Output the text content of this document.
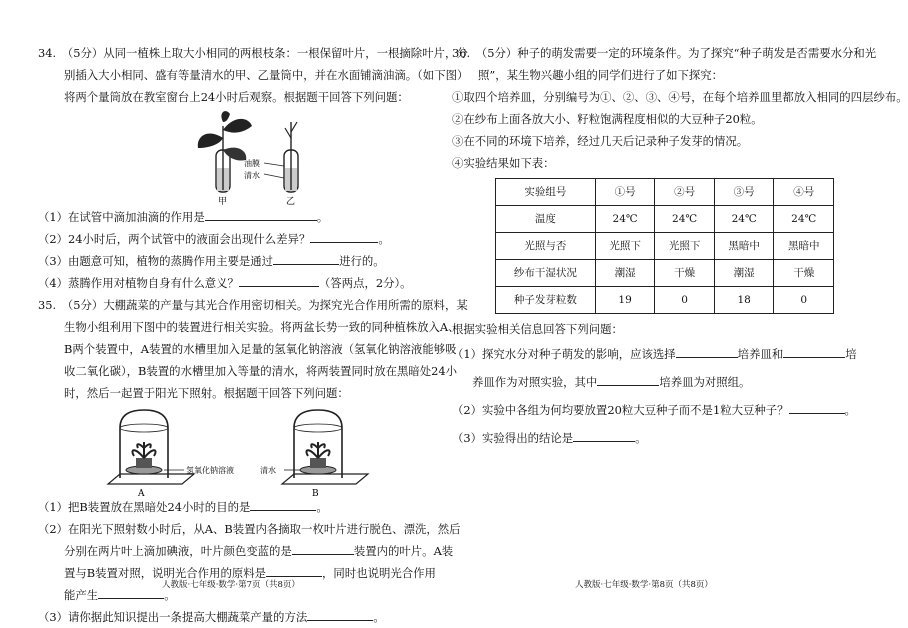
34.　（5分）从同一植株上取大小相同的两根枝条：一根保留叶片，一根摘除叶片，分
别插入大小相同、盛有等量清水的甲、乙量筒中，并在水面铺滴油滴。（如下图）
将两个量筒放在教室窗台上24小时后观察。根据题干回答下列问题：
油膜
清水
甲	乙
（1）在试管中滴加油滴的作用是	。
（2）24小时后，两个试管中的液面会出现什么差异？	。
（3）由题意可知，植物的蒸腾作用主要是通过	进行的。
（4）蒸腾作用对植物自身有什么意义？	（答两点，2分）。
35.　（5分）大棚蔬菜的产量与其光合作用密切相关。为探究光合作用所需的原料，某
生物小组利用下图中的装置进行相关实验。将两盆长势一致的同种植株放入A、
B两个装置中，A装置的水槽里加入足量的氢氧化钠溶液（氢氧化钠溶液能够吸
收二氧化碳），B装置的水槽里加入等量的清水，将两装置同时放在黑暗处24小
时，然后一起置于阳光下照射。根据题干回答下列问题：
氢氧化钠溶液
A
清水
B
（1）把B装置放在黑暗处24小时的目的是	。
（2）在阳光下照射数小时后，从A、B装置内各摘取一枚叶片进行脱色、漂洗，然后
分别在两片叶上滴加碘液，叶片颜色变蓝的是	装置内的叶片。A装
置与B装置对照，说明光合作用的原料是	，同时也说明光合作用
能产生	。
（3）请你据此知识提出一条提高大棚蔬菜产量的方法	。
人教版·七年级·数学·第7页（共8页）
36.　（5分）种子的萌发需要一定的环境条件。为了探究“种子萌发是否需要水分和光
照”，某生物兴趣小组的同学们进行了如下探究：
①取四个培养皿，分别编号为①、②、③、④号，在每个培养皿里都放入相同的四层纱布。
②在纱布上面各放大小、籽粒饱满程度相似的大豆种子20粒。
③在不同的环境下培养，经过几天后记录种子发芽的情况。
④实验结果如下表：
实验组号	①号	②号	③号	④号
温度	24℃	24℃	24℃	24℃
光照与否	光照下	光照下	黑暗中	黑暗中
纱布干湿状况	潮湿	干燥	潮湿	干燥
种子发芽粒数	19	0	18	0
根据实验相关信息回答下列问题：
（1）探究水分对种子萌发的影响，应该选择	培养皿和	培
养皿作为对照实验，其中	培养皿为对照组。
（2）实验中各组为何均要放置20粒大豆种子而不是1粒大豆种子？	。
（3）实验得出的结论是	。
人教版·七年级·数学·第8页（共8页）
